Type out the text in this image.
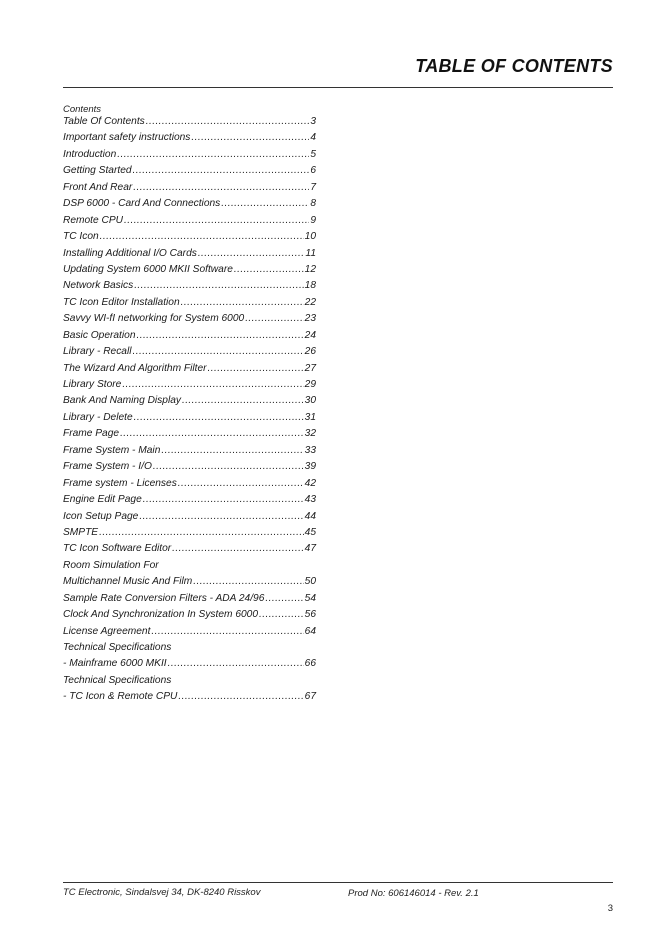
TABLE OF CONTENTS
Contents
Table Of Contents .....	3
Important safety instructions .....	4
Introduction .....	5
Getting Started .....	6
Front And Rear .....	7
DSP 6000 - Card And Connections .....	8
Remote CPU .....	9
TC Icon .....	10
Installing Additional I/O Cards .....	11
Updating System 6000 MKII Software .....	12
Network Basics .....	18
TC Icon Editor Installation .....	22
Savvy WI-fI networking for System 6000 .....	23
Basic Operation .....	24
Library - Recall .....	26
The Wizard And Algorithm Filter .....	27
Library Store .....	29
Bank And Naming Display .....	30
Library - Delete .....	31
Frame Page .....	32
Frame System - Main .....	33
Frame System - I/O .....	39
Frame system - Licenses .....	42
Engine Edit Page .....	43
Icon Setup Page .....	44
SMPTE .....	45
TC Icon Software Editor .....	47
Room Simulation For
Multichannel Music And Film .....	50
Sample Rate Conversion Filters - ADA 24/96 .....	54
Clock And Synchronization In System 6000 .....	56
License Agreement .....	64
Technical Specifications
- Mainframe 6000 MKII .....	66
Technical Specifications
- TC Icon & Remote CPU .....	67
TC Electronic, Sindalsvej 34, DK-8240 Risskov	Prod No: 606146014 - Rev. 2.1
3
